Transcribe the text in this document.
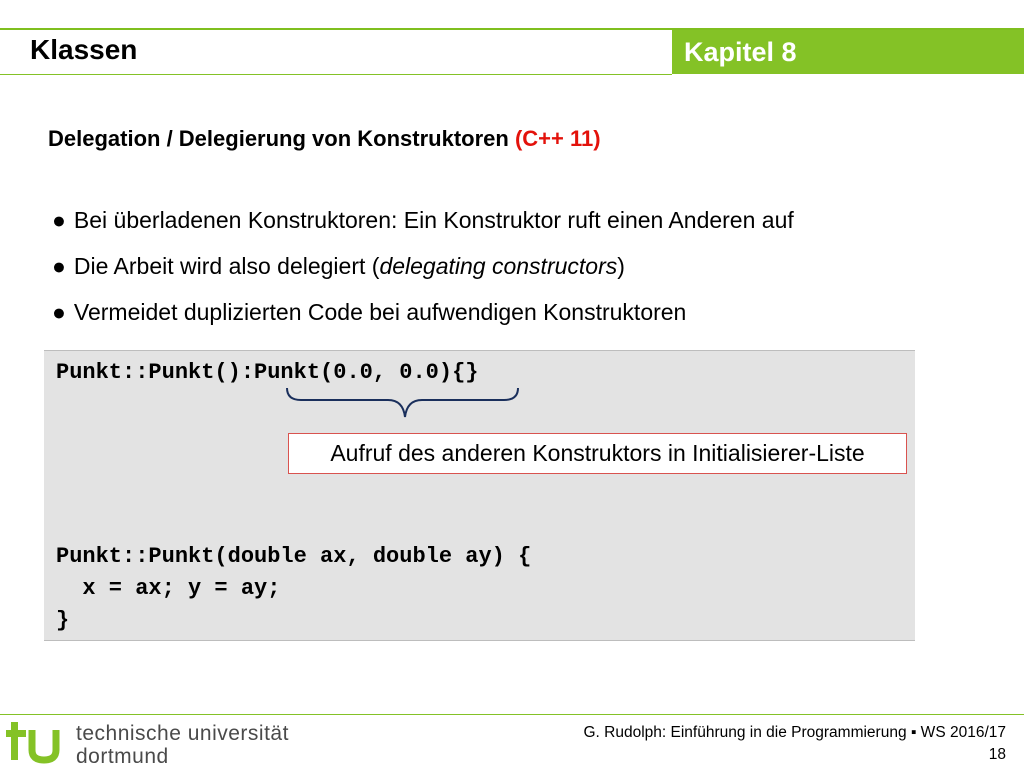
Klassen	Kapitel 8
Delegation / Delegierung von Konstruktoren (C++ 11)
● Bei überladenen Konstruktoren: Ein Konstruktor ruft einen Anderen auf
● Die Arbeit wird also delegiert (delegating constructors)
● Vermeidet duplizierten Code bei aufwendigen Konstruktoren
Punkt::Punkt():Punkt(0.0, 0.0){}
Punkt::Punkt(double ax, double ay) {
x = ax; y = ay;
}
Aufruf des anderen Konstruktors in Initialisierer-Liste
technische universität
dortmund
G. Rudolph: Einführung in die Programmierung ▪ WS 2016/17
18
